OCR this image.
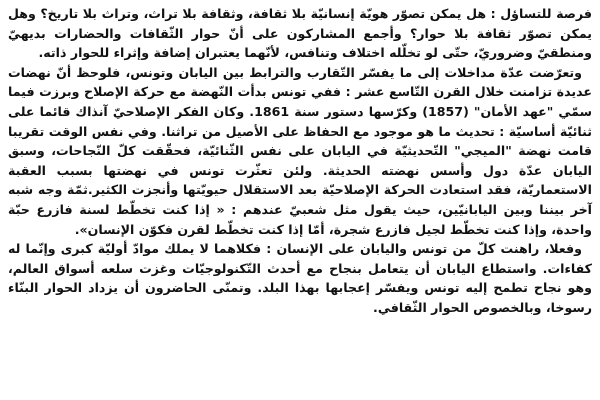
فرصة للتساؤل : هل يمكن تصوّر هويّة إنسانيّة بلا ثقافة، وثقافة بلا تراث، وتراث بلا تاريخ؟ وهل يمكن تصوّر ثقافة بلا حوار؟ وأجمع المشاركون على أنّ حوار الثّقافات والحضارات بديهيّ ومنطقيّ وضروريّ، حتّى لو تخلّله اختلاف وتنافس، لأنّهما يعتبران إضافة وإثراء للحوار ذاته.

وتعرّضت عدّة مداخلات إلى ما يفسّر التّقارب والترابط بين اليابان وتونس، فلوحظ أنّ نهضات عديدة تزامنت خلال القرن التّاسع عشر : ففي تونس بدأت النّهضة مع حركة الإصلاح وبرزت فيما سمّي "عهد الأمان" (1857) وكرّسها دستور سنة 1861. وكان الفكر الإصلاحيّ آنذاك قائما على ثنائيّة أساسيّة : تحديث ما هو موجود مع الحفاظ على الأصيل من تراثنا. وفي نفس الوقت تقريبا قامت نهضة "الميجي" التّحديثيّة في اليابان على نفس الثّنائيّة، فحقّقت كلّ النّجاحات، وسبق اليابان عدّة دول وأسس نهضته الحديثة. ولئن تعثّرت تونس في نهضتها بسبب العقبة الاستعماريّة، فقد استعادت الحركة الإصلاحيّة بعد الاستقلال حيويّتها وأنجزت الكثير.ثمّة وجه شبه آخر بيننا وبين اليابانيّين، حيث يقول مثل شعبيّ عندهم : « إذا كنت تخطّط لسنة فازرع حبّة واحدة، وإذا كنت تخطّط لجيل فازرع شجرة، أمّا إذا كنت تخطّط لقرن فكوّن الإنسان».

وفعلا، راهنت كلّ من تونس واليابان على الإنسان : فكلاهما لا يملك موادّ أوليّة كبرى وإنّما له كفاءات. واستطاع اليابان أن يتعامل بنجاح مع أحدث التّكنولوجيّات وغزت سلعه أسواق العالم، وهو نجاح تطمح إليه تونس ويفسّر إعجابها بهذا البلد. وتمنّى الحاضرون أن يزداد الحوار البنّاء رسوخا، وبالخصوص الحوار الثّقافي.
